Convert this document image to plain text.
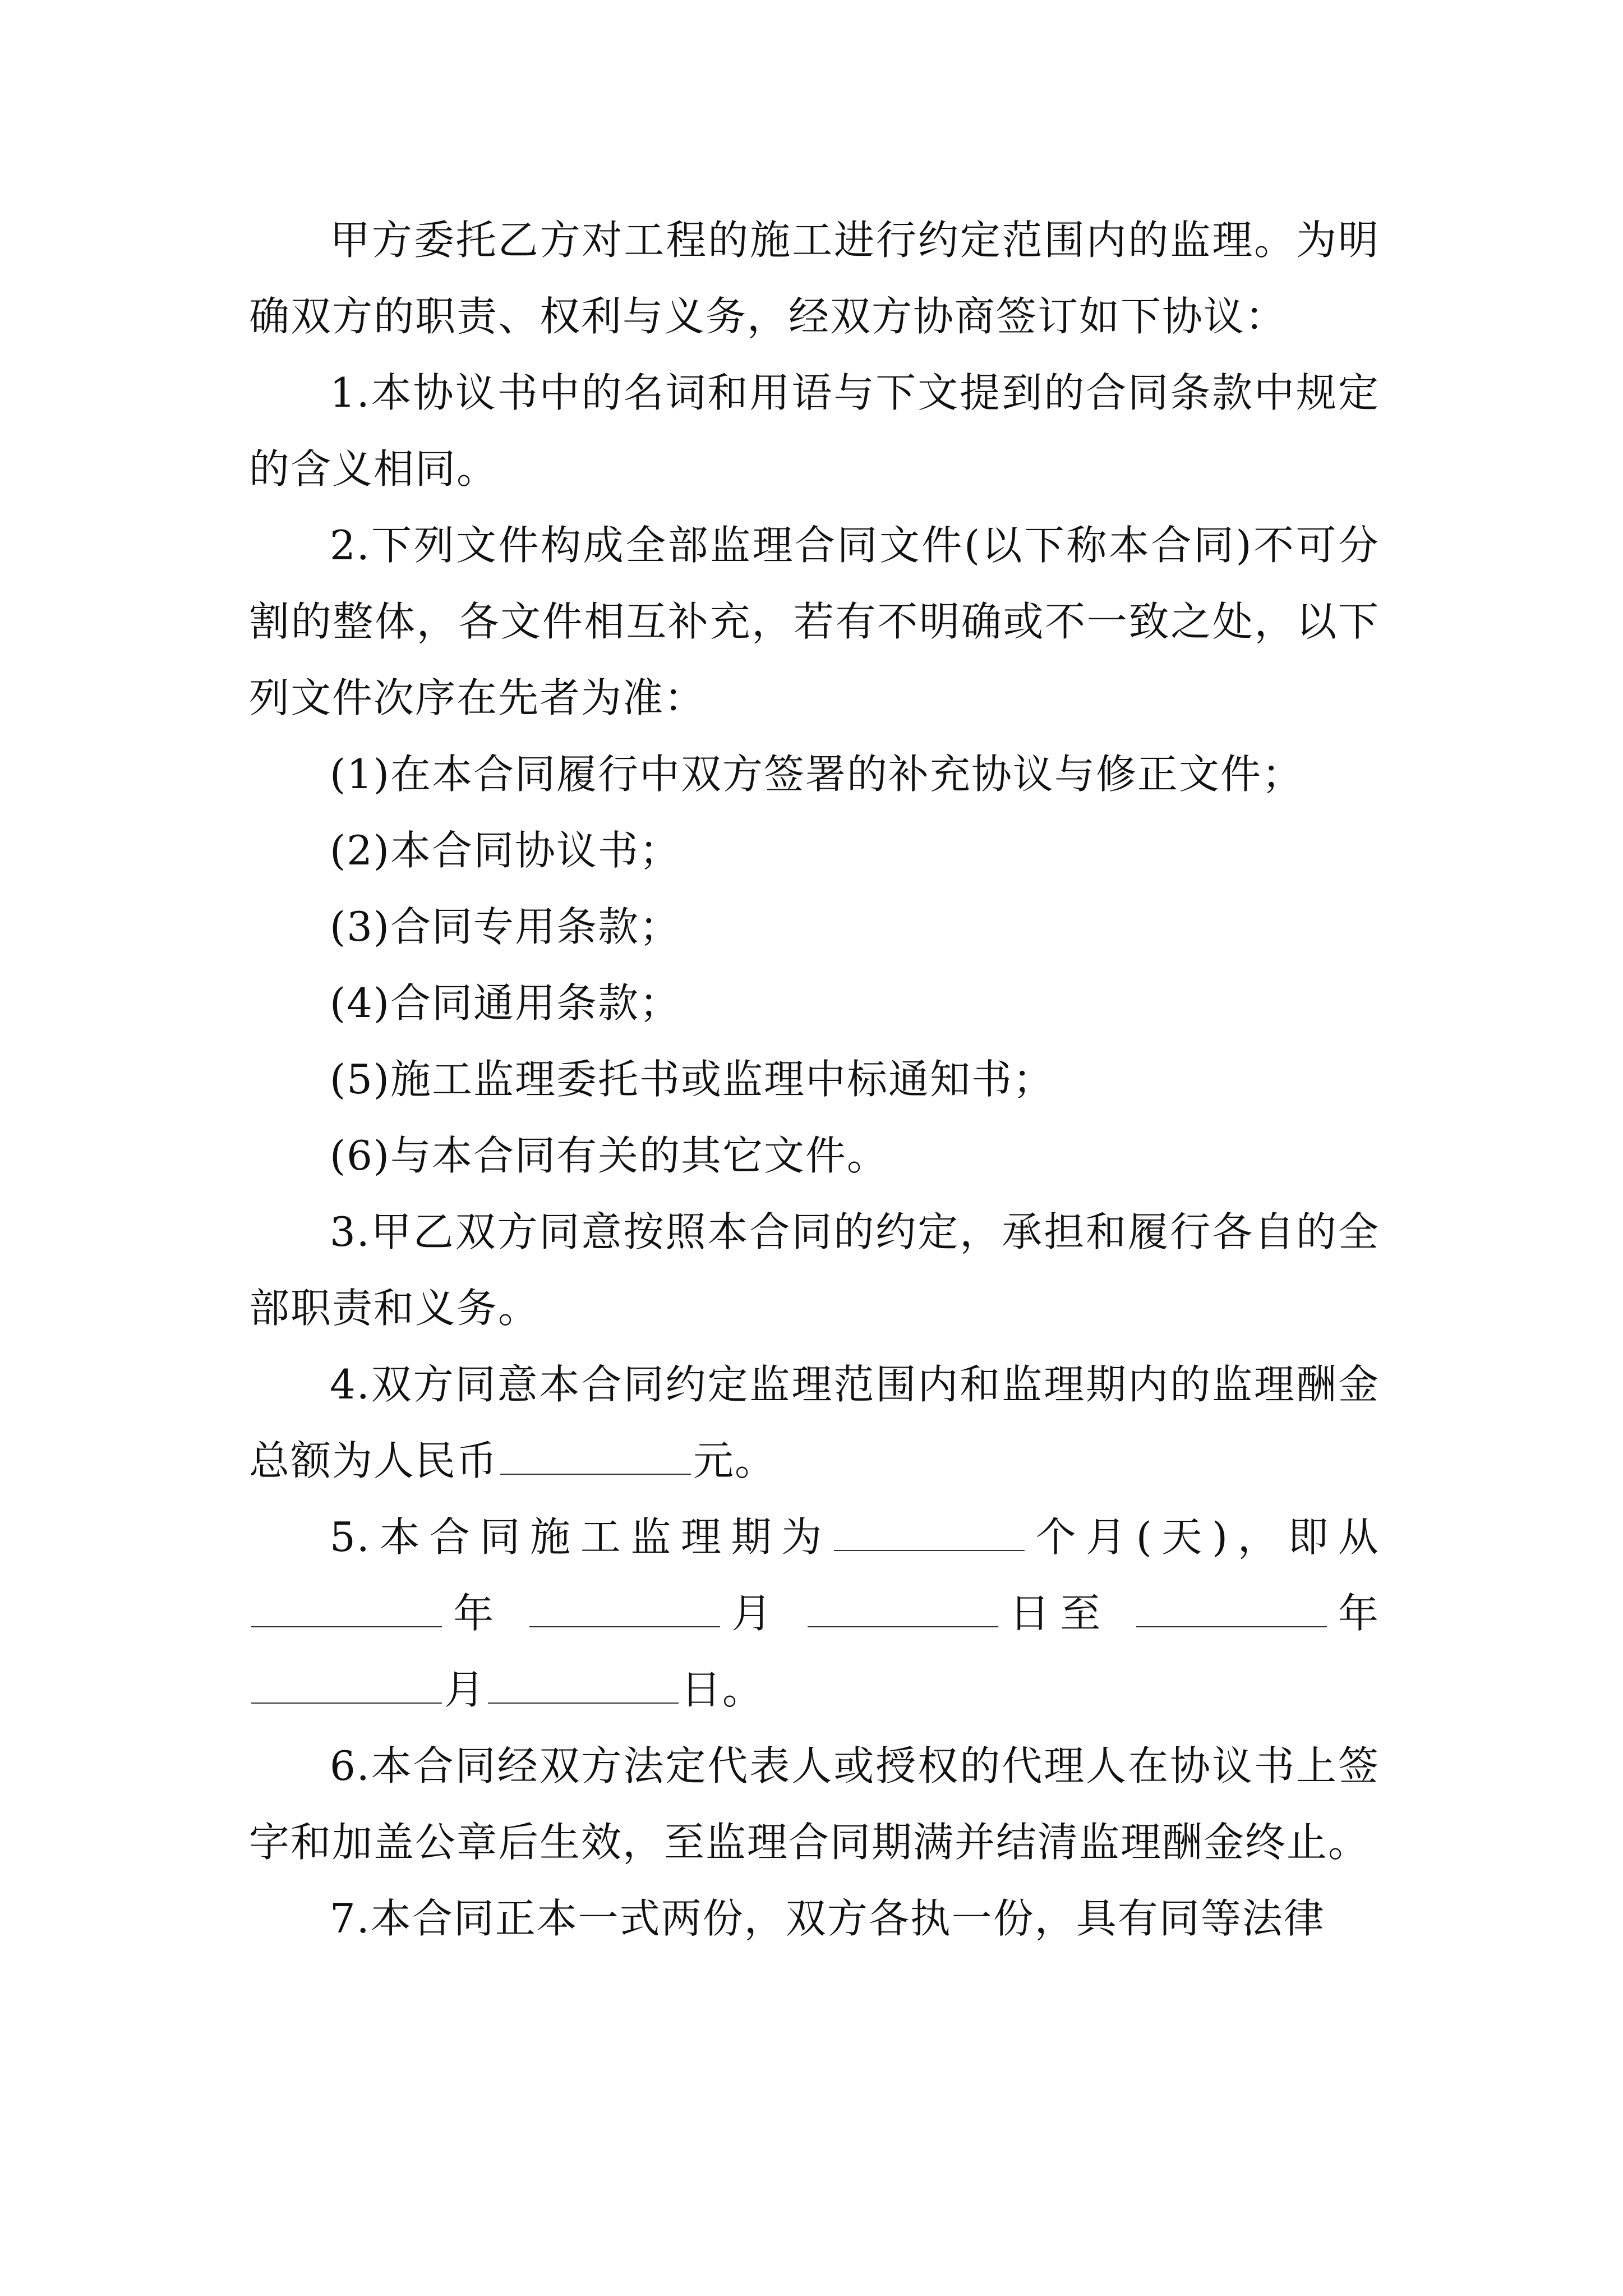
甲方委托乙方对工程的施工进行约定范围内的监理。为明确双方的职责、权利与义务，经双方协商签订如下协议：

1.本协议书中的名词和用语与下文提到的合同条款中规定的含义相同。

2.下列文件构成全部监理合同文件(以下称本合同)不可分割的整体，各文件相互补充，若有不明确或不一致之处，以下列文件次序在先者为准：

(1)在本合同履行中双方签署的补充协议与修正文件；

(2)本合同协议书；

(3)合同专用条款；

(4)合同通用条款；

(5)施工监理委托书或监理中标通知书；

(6)与本合同有关的其它文件。

3.甲乙双方同意按照本合同的约定，承担和履行各自的全部职责和义务。

4.双方同意本合同约定监理范围内和监理期内的监理酬金总额为人民币	元。

5.本合同施工监理期为	个月(天)，即从 年	月	日至	年 月	日。

6.本合同经双方法定代表人或授权的代理人在协议书上签字和加盖公章后生效，至监理合同期满并结清监理酬金终止。

7.本合同正本一式两份，双方各执一份，具有同等法律
